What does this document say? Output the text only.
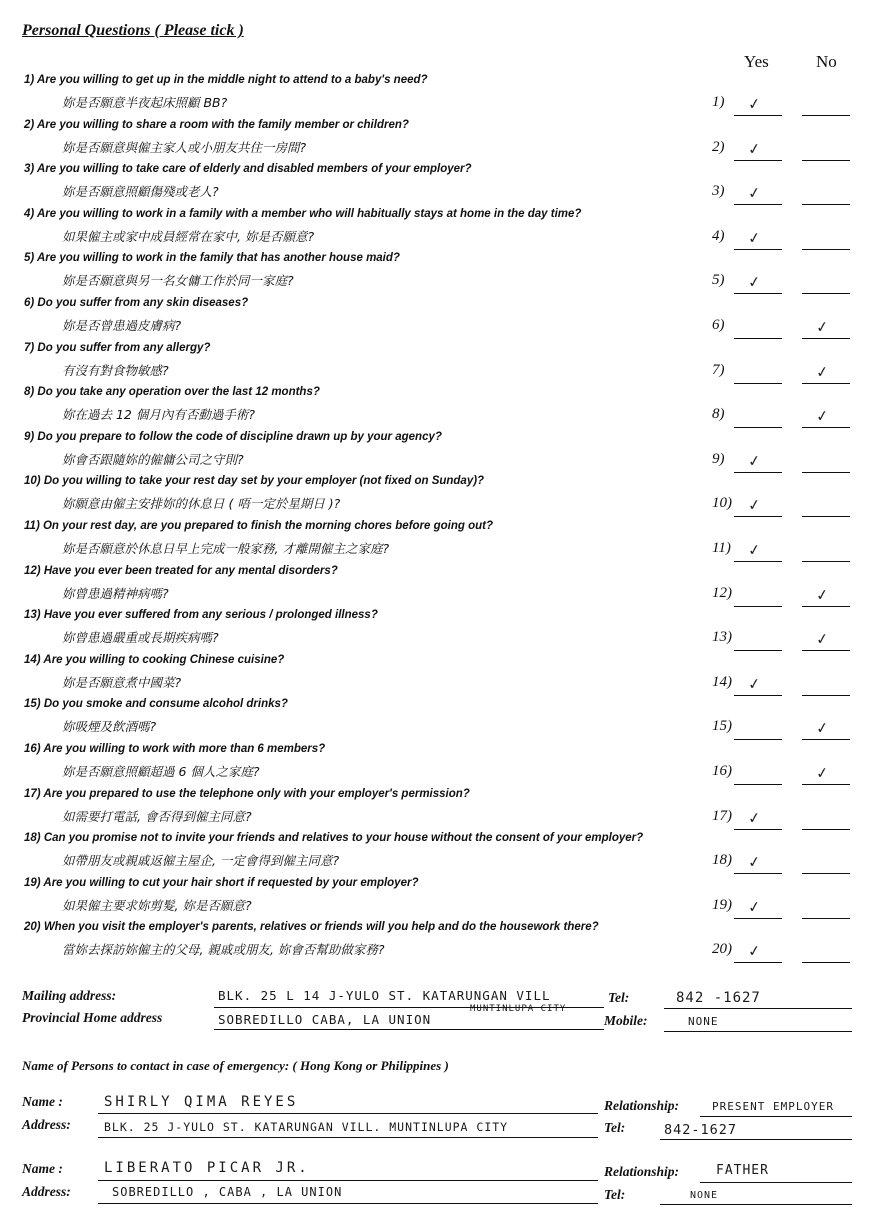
Personal Questions ( Please tick )
Yes	No
1) Are you willing to get up in the middle night to attend to a baby's need?
妳是否願意半夜起床照顧 BB?	1) ✓
2) Are you willing to share a room with the family member or children?
妳是否願意與僱主家人或小朋友共住一房間?	2) ✓
3) Are you willing to take care of elderly and disabled members of your employer?
妳是否願意照顧傷殘或老人?	3) ✓
4) Are you willing to work in a family with a member who will habitually stays at home in the day time?
如果僱主或家中成員經常在家中, 妳是否願意?	4) ✓
5) Are you willing to work in the family that has another house maid?
妳是否願意與另一名女傭工作於同一家庭?	5) ✓
6) Do you suffer from any skin diseases?
妳是否曾患過皮膚病?	6)	✓
7) Do you suffer from any allergy?
有沒有對食物敏感?	7)	✓
8) Do you take any operation over the last 12 months?
妳在過去 12 個月內有否動過手術?	8)	✓
9) Do you prepare to follow the code of discipline drawn up by your agency?
妳會否跟隨妳的僱傭公司之守則?	9) ✓
10) Do you willing to take your rest day set by your employer (not fixed on Sunday)?
妳願意由僱主安排妳的休息日 ( 唔一定於星期日 )?	10) ✓
11) On your rest day, are you prepared to finish the morning chores before going out?
妳是否願意於休息日早上完成一般家務, 才離開僱主之家庭?	11) ✓
12) Have you ever been treated for any mental disorders?
妳曾患過精神病嗎?	12)	✓
13) Have you ever suffered from any serious / prolonged illness?
妳曾患過嚴重或長期疾病嗎?	13)	✓
14) Are you willing to cooking Chinese cuisine?
妳是否願意煮中國菜?	14) ✓
15) Do you smoke and consume alcohol drinks?
妳吸煙及飲酒嗎?	15)	✓
16) Are you willing to work with more than 6 members?
妳是否願意照顧超過 6 個人之家庭?	16)	✓
17) Are you prepared to use the telephone only with your employer's permission?
如需要打電話, 會否得到僱主同意?	17) ✓
18) Can you promise not to invite your friends and relatives to your house without the consent of your employer?
如帶朋友或親戚返僱主屋企, 一定會得到僱主同意?	18) ✓
19) Are you willing to cut your hair short if requested by your employer?
如果僱主要求妳剪髮, 妳是否願意?	19) ✓
20) When you visit the employer's parents, relatives or friends will you help and do the housework there?
當妳去探訪妳僱主的父母, 親戚或朋友, 妳會否幫助做家務?	20) ✓
Mailing address:	BLK. 25 L 14 J-YULO ST. KATARUNGAN VILL
MUNTINLUPA CITY
Provincial Home address	SOBREDILLO CABA, LA UNION
Tel:	842 -1627
Mobile:	NONE
Name of Persons to contact in case of emergency: ( Hong Kong or Philippines )
Name :	SHIRLY QIMA REYES
Address:	BLK. 25 J-YULO ST. KATARUNGAN VILL. MUNTINLUPA CITY
Relationship:	PRESENT EMPLOYER
Tel:	842-1627
Name :	LIBERATO PICAR JR.
Address:	SOBREDILLO , CABA , LA UNION
Relationship:	FATHER
Tel:	NONE
